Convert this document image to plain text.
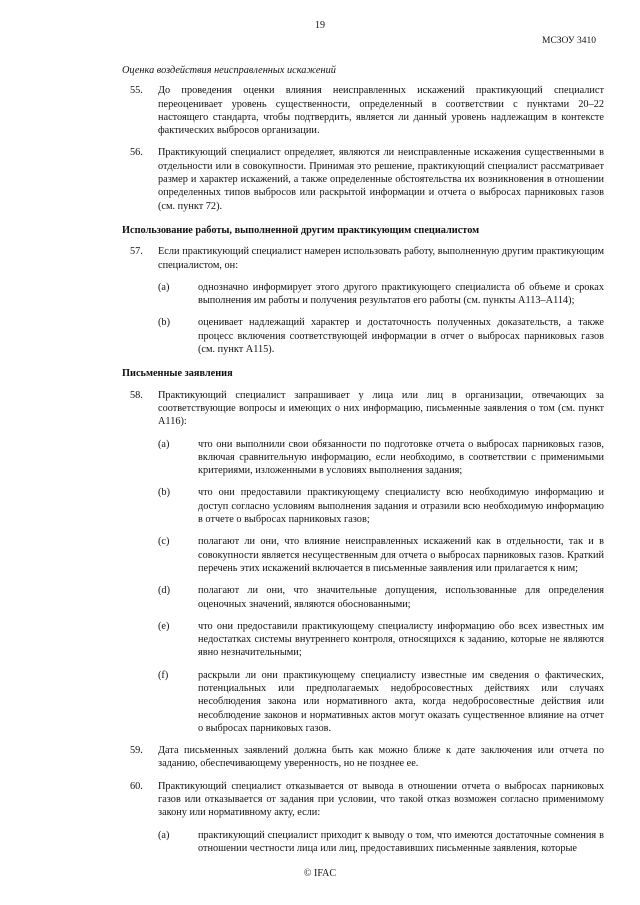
19
МСЗОУ 3410
Оценка воздействия неисправленных искажений
55. До проведения оценки влияния неисправленных искажений практикующий специалист переоценивает уровень существенности, определенный в соответствии с пунктами 20–22 настоящего стандарта, чтобы подтвердить, является ли данный уровень надлежащим в контексте фактических выбросов организации.
56. Практикующий специалист определяет, являются ли неисправленные искажения существенными в отдельности или в совокупности. Принимая это решение, практикующий специалист рассматривает размер и характер искажений, а также определенные обстоятельства их возникновения в отношении определенных типов выбросов или раскрытой информации и отчета о выбросах парниковых газов (см. пункт 72).
Использование работы, выполненной другим практикующим специалистом
57. Если практикующий специалист намерен использовать работу, выполненную другим практикующим специалистом, он:
(a)	однозначно информирует этого другого практикующего специалиста об объеме и сроках выполнения им работы и получения результатов его работы (см. пункты А113–А114);
(b)	оценивает надлежащий характер и достаточность полученных доказательств, а также процесс включения соответствующей информации в отчет о выбросах парниковых газов (см. пункт А115).
Письменные заявления
58. Практикующий специалист запрашивает у лица или лиц в организации, отвечающих за соответствующие вопросы и имеющих о них информацию, письменные заявления о том (см. пункт А116):
(a)	что они выполнили свои обязанности по подготовке отчета о выбросах парниковых газов, включая сравнительную информацию, если необходимо, в соответствии с применимыми критериями, изложенными в условиях выполнения задания;
(b)	что они предоставили практикующему специалисту всю необходимую информацию и доступ согласно условиям выполнения задания и отразили всю необходимую информацию в отчете о выбросах парниковых газов;
(c)	полагают ли они, что влияние неисправленных искажений как в отдельности, так и в совокупности является несущественным для отчета о выбросах парниковых газов. Краткий перечень этих искажений включается в письменные заявления или прилагается к ним;
(d)	полагают ли они, что значительные допущения, использованные для определения оценочных значений, являются обоснованными;
(e)	что они предоставили практикующему специалисту информацию обо всех известных им недостатках системы внутреннего контроля, относящихся к заданию, которые не являются явно незначительными;
(f)	раскрыли ли они практикующему специалисту известные им сведения о фактических, потенциальных или предполагаемых недобросовестных действиях или случаях несоблюдения закона или нормативного акта, когда недобросовестные действия или несоблюдение законов и нормативных актов могут оказать существенное влияние на отчет о выбросах парниковых газов.
59. Дата письменных заявлений должна быть как можно ближе к дате заключения или отчета по заданию, обеспечивающему уверенность, но не позднее ее.
60. Практикующий специалист отказывается от вывода в отношении отчета о выбросах парниковых газов или отказывается от задания при условии, что такой отказ возможен согласно применимому закону или нормативному акту, если:
(a)	практикующий специалист приходит к выводу о том, что имеются достаточные сомнения в отношении честности лица или лиц, предоставивших письменные заявления, которые
© IFAC
